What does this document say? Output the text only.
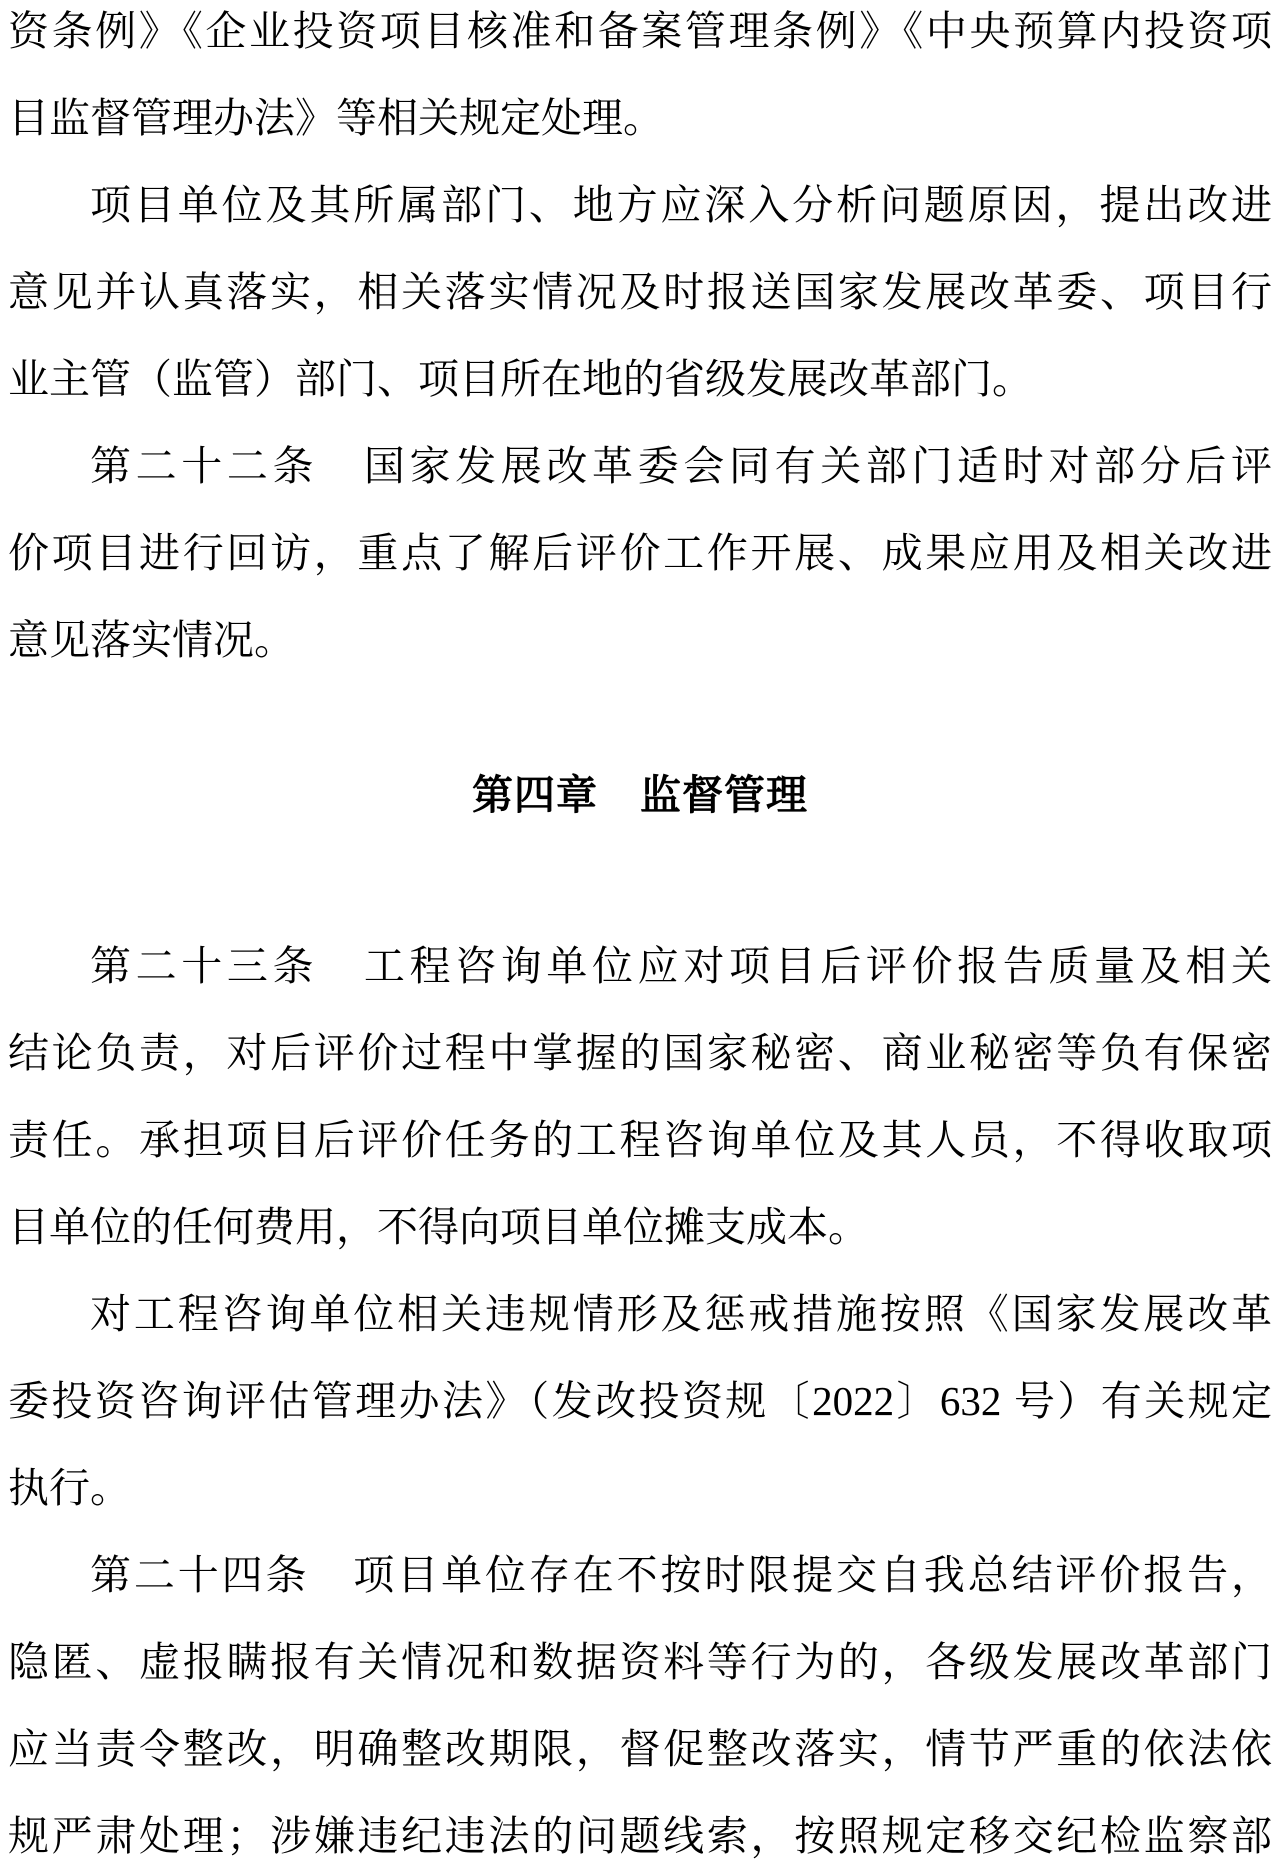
资条例》《企业投资项目核准和备案管理条例》《中央预算内投资项
目监督管理办法》等相关规定处理。
项目单位及其所属部门、地方应深入分析问题原因，提出改进
意见并认真落实，相关落实情况及时报送国家发展改革委、项目行
业主管（监管）部门、项目所在地的省级发展改革部门。
第二十二条　国家发展改革委会同有关部门适时对部分后评
价项目进行回访，重点了解后评价工作开展、成果应用及相关改进
意见落实情况。
第四章　监督管理
第二十三条　工程咨询单位应对项目后评价报告质量及相关
结论负责，对后评价过程中掌握的国家秘密、商业秘密等负有保密
责任。承担项目后评价任务的工程咨询单位及其人员，不得收取项
目单位的任何费用，不得向项目单位摊支成本。
对工程咨询单位相关违规情形及惩戒措施按照《国家发展改革
委投资咨询评估管理办法》（发改投资规〔2022〕632 号）有关规定
执行。
第二十四条　项目单位存在不按时限提交自我总结评价报告，
隐匿、虚报瞒报有关情况和数据资料等行为的，各级发展改革部门
应当责令整改，明确整改期限，督促整改落实，情节严重的依法依
规严肃处理；涉嫌违纪违法的问题线索，按照规定移交纪检监察部
